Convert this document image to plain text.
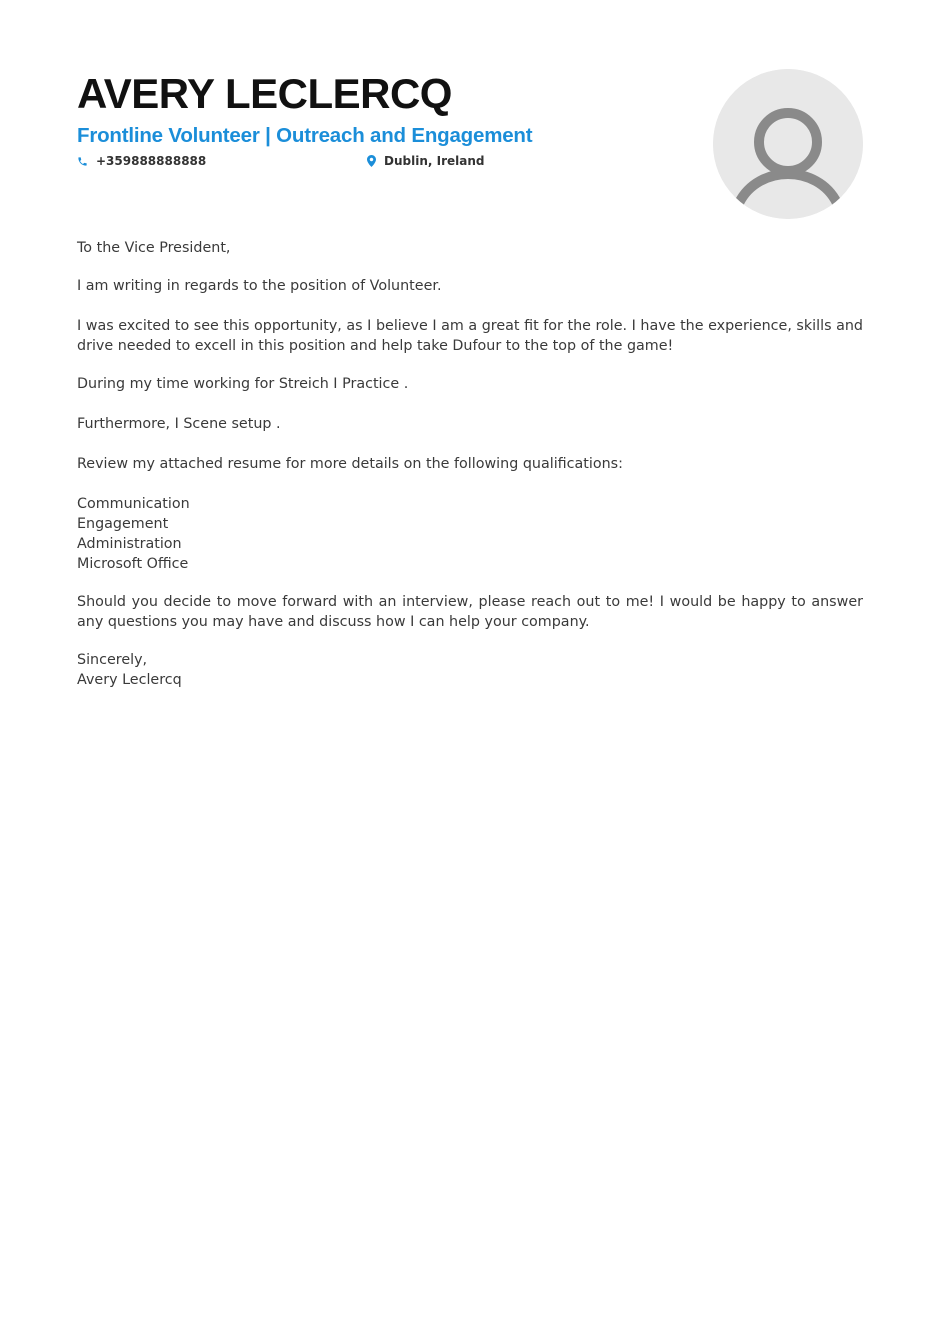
AVERY LECLERCQ
Frontline Volunteer | Outreach and Engagement
+359888888888	Dublin, Ireland

To the Vice President,

I am writing in regards to the position of Volunteer.

I was excited to see this opportunity, as I believe I am a great fit for the role. I have the experience, skills and drive needed to excell in this position and help take Dufour to the top of the game!

During my time working for Streich I Practice .

Furthermore, I Scene setup .

Review my attached resume for more details on the following qualifications:

Communication
Engagement
Administration
Microsoft Office

Should you decide to move forward with an interview, please reach out to me! I would be happy to answer any questions you may have and discuss how I can help your company.

Sincerely,
Avery Leclercq
